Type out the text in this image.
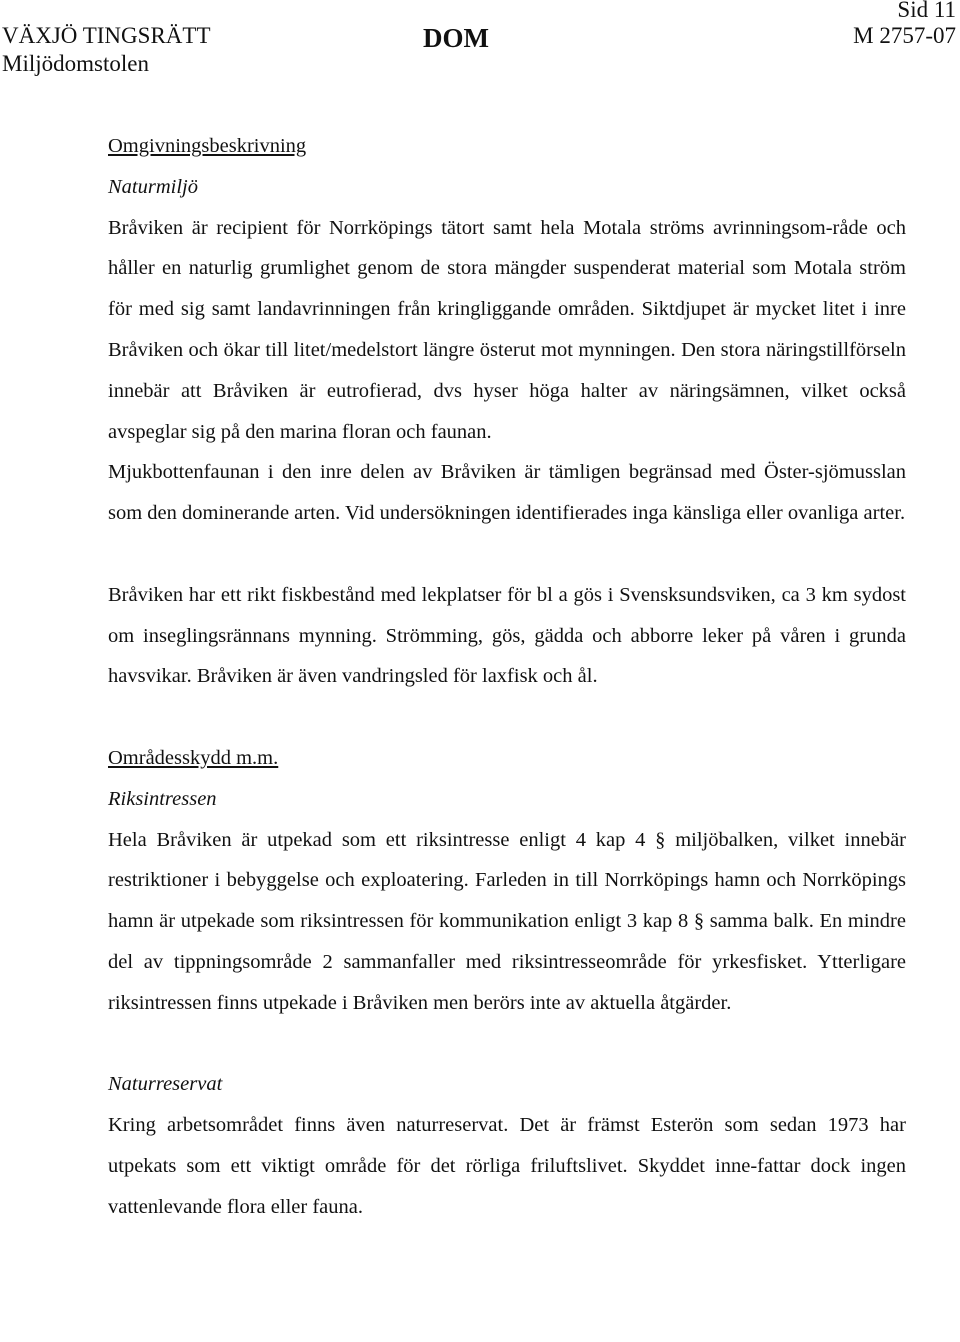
VÄXJÖ TINGSRÄTT
Miljödomstolen
DOM
Sid 11
M 2757-07

Omgivningsbeskrivning

Naturmiljö

Bråviken är recipient för Norrköpings tätort samt hela Motala ströms avrinningsom-råde och håller en naturlig grumlighet genom de stora mängder suspenderat material som Motala ström för med sig samt landavrinningen från kringliggande områden. Siktdjupet är mycket litet i inre Bråviken och ökar till litet/medelstort längre österut mot mynningen. Den stora näringstillförseln innebär att Bråviken är eutrofierad, dvs hyser höga halter av näringsämnen, vilket också avspeglar sig på den marina floran och faunan.

Mjukbottenfaunan i den inre delen av Bråviken är tämligen begränsad med Öster-sjömusslan som den dominerande arten. Vid undersökningen identifierades inga känsliga eller ovanliga arter.

Bråviken har ett rikt fiskbestånd med lekplatser för bl a gös i Svensksundsviken, ca 3 km sydost om inseglingsrännans mynning. Strömming, gös, gädda och abborre leker på våren i grunda havsvikar. Bråviken är även vandringsled för laxfisk och ål.

Områdesskydd m.m.

Riksintressen

Hela Bråviken är utpekad som ett riksintresse enligt 4 kap 4 § miljöbalken, vilket innebär restriktioner i bebyggelse och exploatering. Farleden in till Norrköpings hamn och Norrköpings hamn är utpekade som riksintressen för kommunikation enligt 3 kap 8 § samma balk. En mindre del av tippningsområde 2 sammanfaller med riksintresseområde för yrkesfisket. Ytterligare riksintressen finns utpekade i Bråviken men berörs inte av aktuella åtgärder.

Naturreservat

Kring arbetsområdet finns även naturreservat. Det är främst Esterön som sedan 1973 har utpekats som ett viktigt område för det rörliga friluftslivet. Skyddet inne-fattar dock ingen vattenlevande flora eller fauna.
